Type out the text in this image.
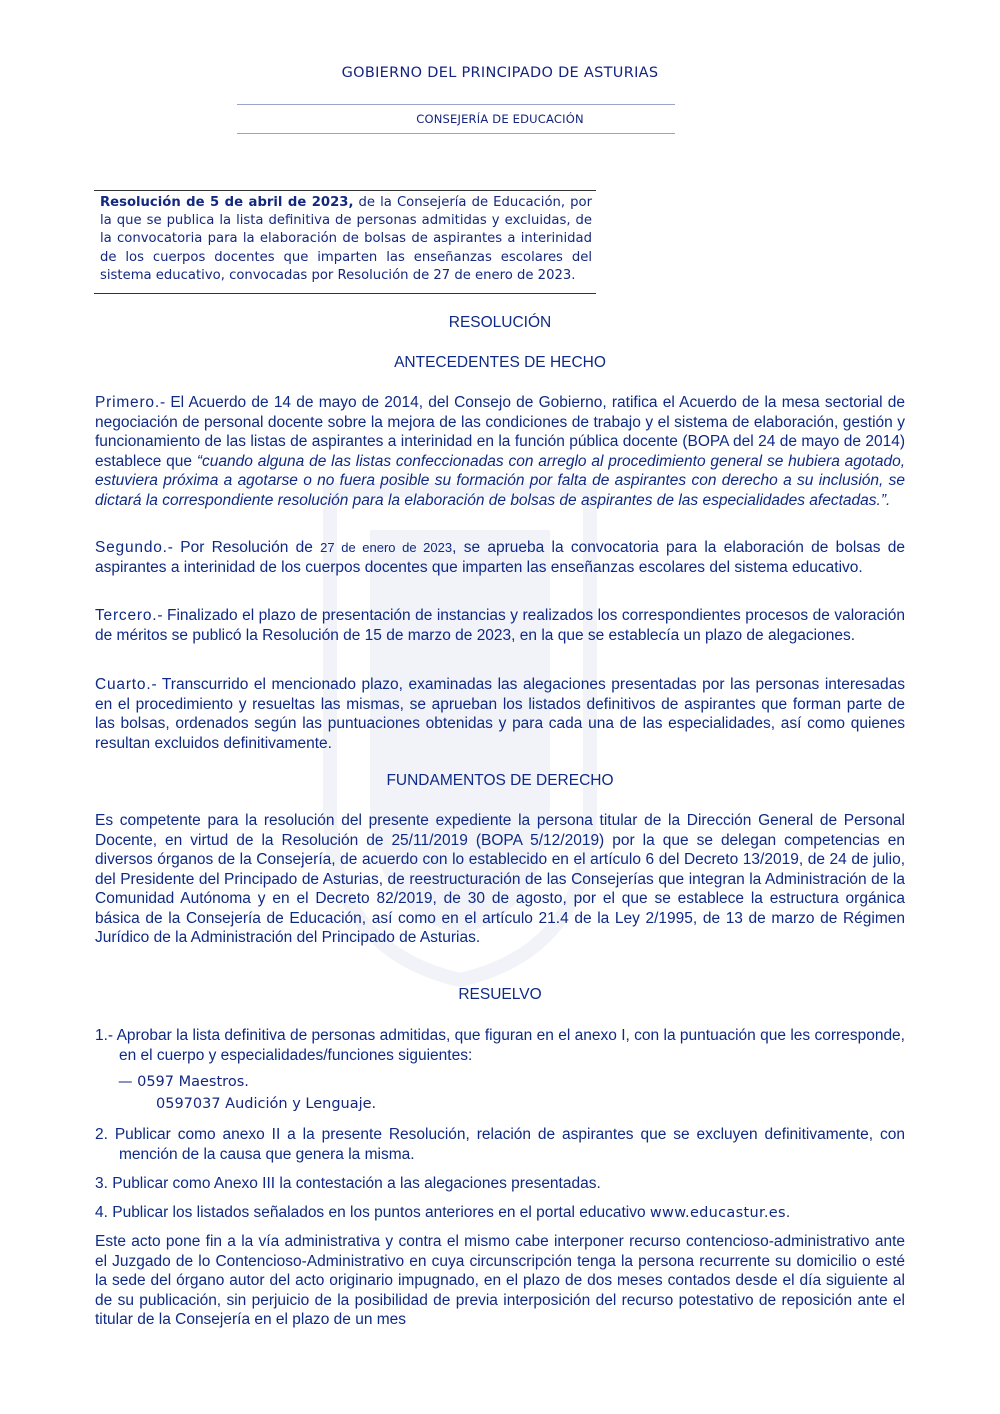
GOBIERNO DEL PRINCIPADO DE ASTURIAS
CONSEJERÍA DE EDUCACIÓN
Resolución de 5 de abril de 2023, de la Consejería de Educación, por la que se publica la lista definitiva de personas admitidas y excluidas, de la convocatoria para la elaboración de bolsas de aspirantes a interinidad de los cuerpos docentes que imparten las enseñanzas escolares del sistema educativo, convocadas por Resolución de 27 de enero de 2023.
RESOLUCIÓN
ANTECEDENTES DE HECHO

Primero.- El Acuerdo de 14 de mayo de 2014, del Consejo de Gobierno, ratifica el Acuerdo de la mesa sectorial de negociación de personal docente sobre la mejora de las condiciones de trabajo y el sistema de elaboración, gestión y funcionamiento de las listas de aspirantes a interinidad en la función pública docente (BOPA del 24 de mayo de 2014) establece que “cuando alguna de las listas confeccionadas con arreglo al procedimiento general se hubiera agotado, estuviera próxima a agotarse o no fuera posible su formación por falta de aspirantes con derecho a su inclusión, se dictará la correspondiente resolución para la elaboración de bolsas de aspirantes de las especialidades afectadas.”.

Segundo.- Por Resolución de 27 de enero de 2023, se aprueba la convocatoria para la elaboración de bolsas de aspirantes a interinidad de los cuerpos docentes que imparten las enseñanzas escolares del sistema educativo.

Tercero.- Finalizado el plazo de presentación de instancias y realizados los correspondientes procesos de valoración de méritos se publicó la Resolución de 15 de marzo de 2023, en la que se establecía un plazo de alegaciones.

Cuarto.- Transcurrido el mencionado plazo, examinadas las alegaciones presentadas por las personas interesadas en el procedimiento y resueltas las mismas, se aprueban los listados definitivos de aspirantes que forman parte de las bolsas, ordenados según las puntuaciones obtenidas y para cada una de las especialidades, así como quienes resultan excluidos definitivamente.

FUNDAMENTOS DE DERECHO

Es competente para la resolución del presente expediente la persona titular de la Dirección General de Personal Docente, en virtud de la Resolución de 25/11/2019 (BOPA 5/12/2019) por la que se delegan competencias en diversos órganos de la Consejería, de acuerdo con lo establecido en el artículo 6 del Decreto 13/2019, de 24 de julio, del Presidente del Principado de Asturias, de reestructuración de las Consejerías que integran la Administración de la Comunidad Autónoma y en el Decreto 82/2019, de 30 de agosto, por el que se establece la estructura orgánica básica de la Consejería de Educación, así como en el artículo 21.4 de la Ley 2/1995, de 13 de marzo de Régimen Jurídico de la Administración del Principado de Asturias.

RESUELVO

1.- Aprobar la lista definitiva de personas admitidas, que figuran en el anexo I, con la puntuación que les corresponde, en el cuerpo y especialidades/funciones siguientes:

— 0597 Maestros.
0597037 Audición y Lenguaje.

2. Publicar como anexo II a la presente Resolución, relación de aspirantes que se excluyen definitivamente, con mención de la causa que genera la misma.

3. Publicar como Anexo III la contestación a las alegaciones presentadas.

4. Publicar los listados señalados en los puntos anteriores en el portal educativo www.educastur.es.

Este acto pone fin a la vía administrativa y contra el mismo cabe interponer recurso contencioso-administrativo ante el Juzgado de lo Contencioso-Administrativo en cuya circunscripción tenga la persona recurrente su domicilio o esté la sede del órgano autor del acto originario impugnado, en el plazo de dos meses contados desde el día siguiente al de su publicación, sin perjuicio de la posibilidad de previa interposición del recurso potestativo de reposición ante el titular de la Consejería en el plazo de un mes
